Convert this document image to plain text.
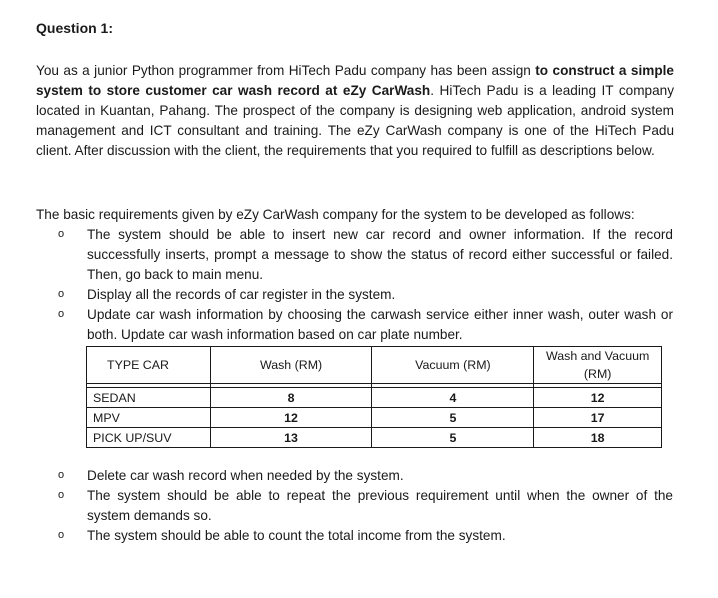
Question 1:
You as a junior Python programmer from HiTech Padu company has been assign to construct a simple system to store customer car wash record at eZy CarWash. HiTech Padu is a leading IT company located in Kuantan, Pahang. The prospect of the company is designing web application, android system management and ICT consultant and training. The eZy CarWash company is one of the HiTech Padu client. After discussion with the client, the requirements that you required to fulfill as descriptions below.
The basic requirements given by eZy CarWash company for the system to be developed as follows:
o The system should be able to insert new car record and owner information. If the record successfully inserts, prompt a message to show the status of record either successful or failed. Then, go back to main menu.
o Display all the records of car register in the system.
o Update car wash information by choosing the carwash service either inner wash, outer wash or both. Update car wash information based on car plate number.
TYPE CAR	Wash (RM)	Vacuum (RM)	Wash and Vacuum (RM)

SEDAN	8	4	12
MPV	12	5	17
PICK UP/SUV	13	5	18
o Delete car wash record when needed by the system.
o The system should be able to repeat the previous requirement until when the owner of the system demands so.
o The system should be able to count the total income from the system.
